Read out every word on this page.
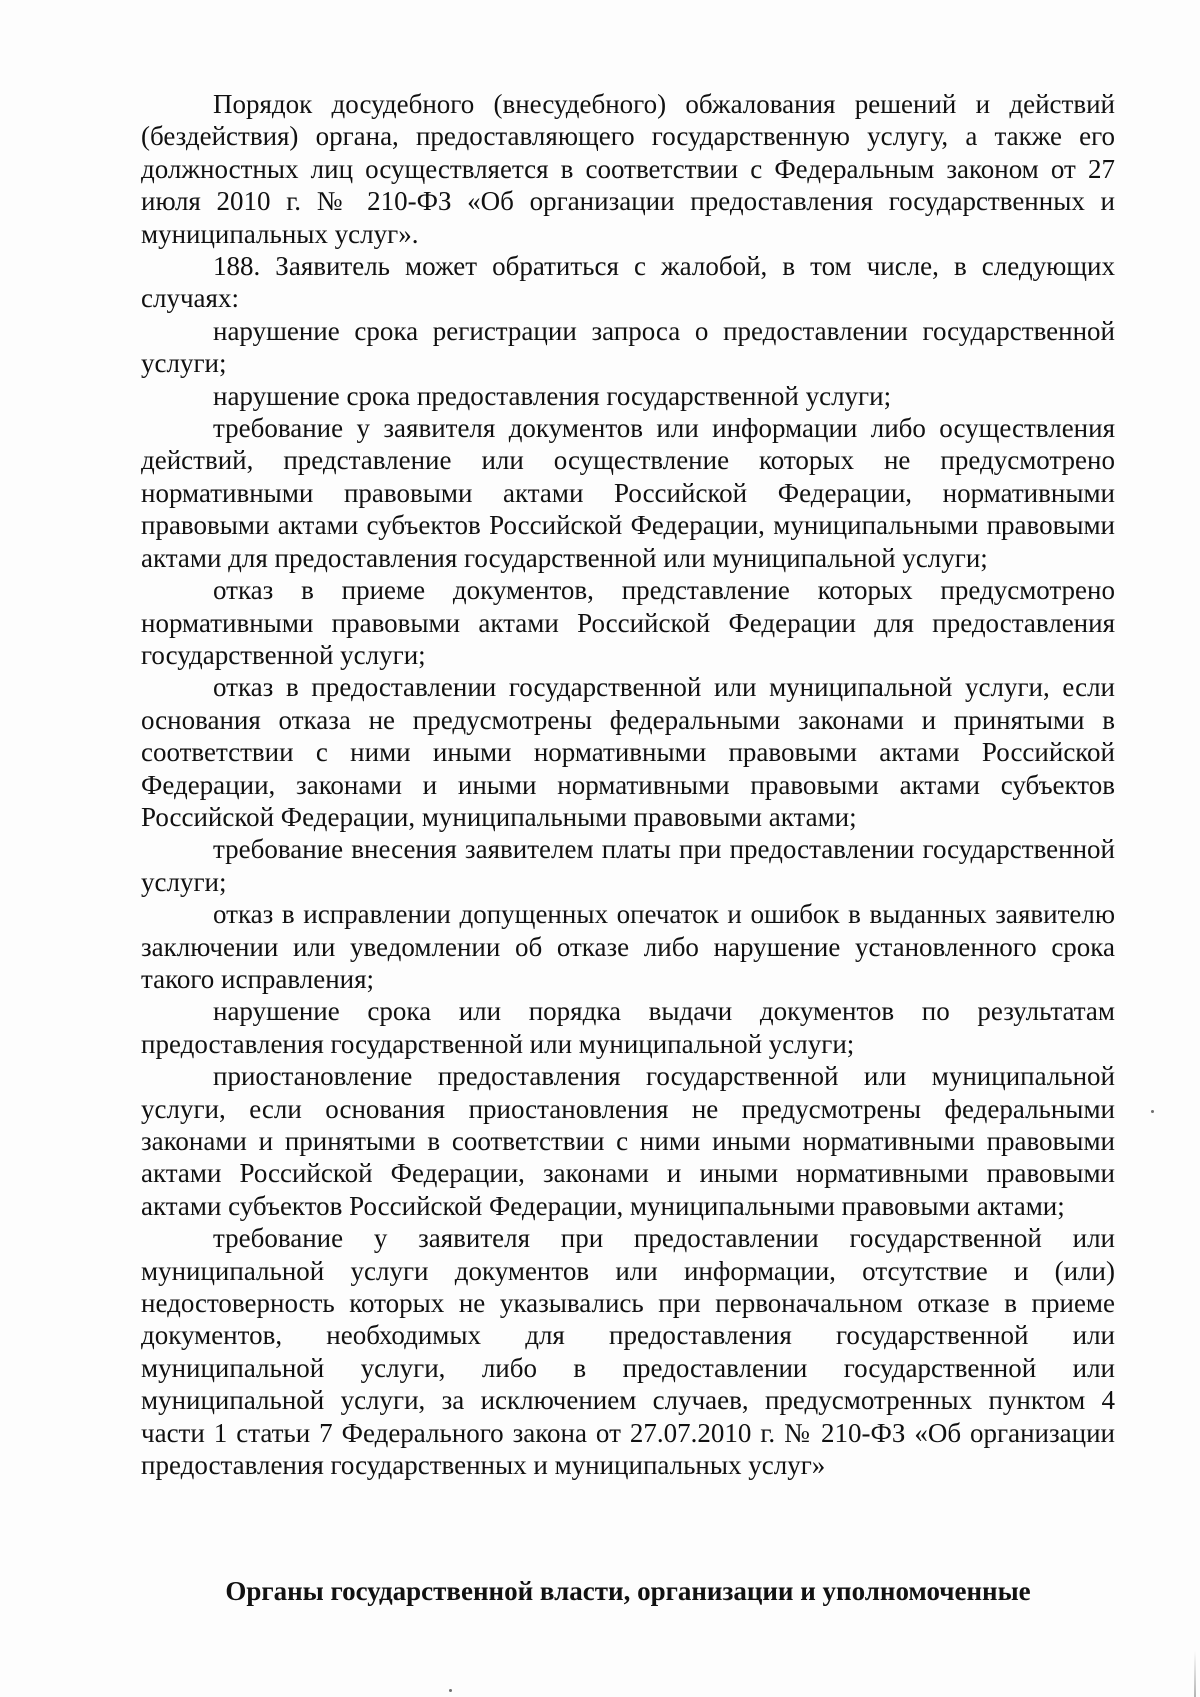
Порядок досудебного (внесудебного) обжалования решений и действий (бездействия) органа, предоставляющего государственную услугу, а также его должностных лиц осуществляется в соответствии с Федеральным законом от 27 июля 2010 г. № 210-ФЗ «Об организации предоставления государственных и муниципальных услуг».

188. Заявитель может обратиться с жалобой, в том числе, в следующих случаях:

нарушение срока регистрации запроса о предоставлении государственной услуги;

нарушение срока предоставления государственной услуги;

требование у заявителя документов или информации либо осуществления действий, представление или осуществление которых не предусмотрено нормативными правовыми актами Российской Федерации, нормативными правовыми актами субъектов Российской Федерации, муниципальными правовыми актами для предоставления государственной или муниципальной услуги;

отказ в приеме документов, представление которых предусмотрено нормативными правовыми актами Российской Федерации для предоставления государственной услуги;

отказ в предоставлении государственной или муниципальной услуги, если основания отказа не предусмотрены федеральными законами и принятыми в соответствии с ними иными нормативными правовыми актами Российской Федерации, законами и иными нормативными правовыми актами субъектов Российской Федерации, муниципальными правовыми актами;

требование внесения заявителем платы при предоставлении государственной услуги;

отказ в исправлении допущенных опечаток и ошибок в выданных заявителю заключении или уведомлении об отказе либо нарушение установленного срока такого исправления;

нарушение срока или порядка выдачи документов по результатам предоставления государственной или муниципальной услуги;

приостановление предоставления государственной или муниципальной услуги, если основания приостановления не предусмотрены федеральными законами и принятыми в соответствии с ними иными нормативными правовыми актами Российской Федерации, законами и иными нормативными правовыми актами субъектов Российской Федерации, муниципальными правовыми актами;

требование у заявителя при предоставлении государственной или муниципальной услуги документов или информации, отсутствие и (или) недостоверность которых не указывались при первоначальном отказе в приеме документов, необходимых для предоставления государственной или муниципальной услуги, либо в предоставлении государственной или муниципальной услуги, за исключением случаев, предусмотренных пунктом 4 части 1 статьи 7 Федерального закона от 27.07.2010 г. № 210-ФЗ «Об организации предоставления государственных и муниципальных услуг»

Органы государственной власти, организации и уполномоченные
